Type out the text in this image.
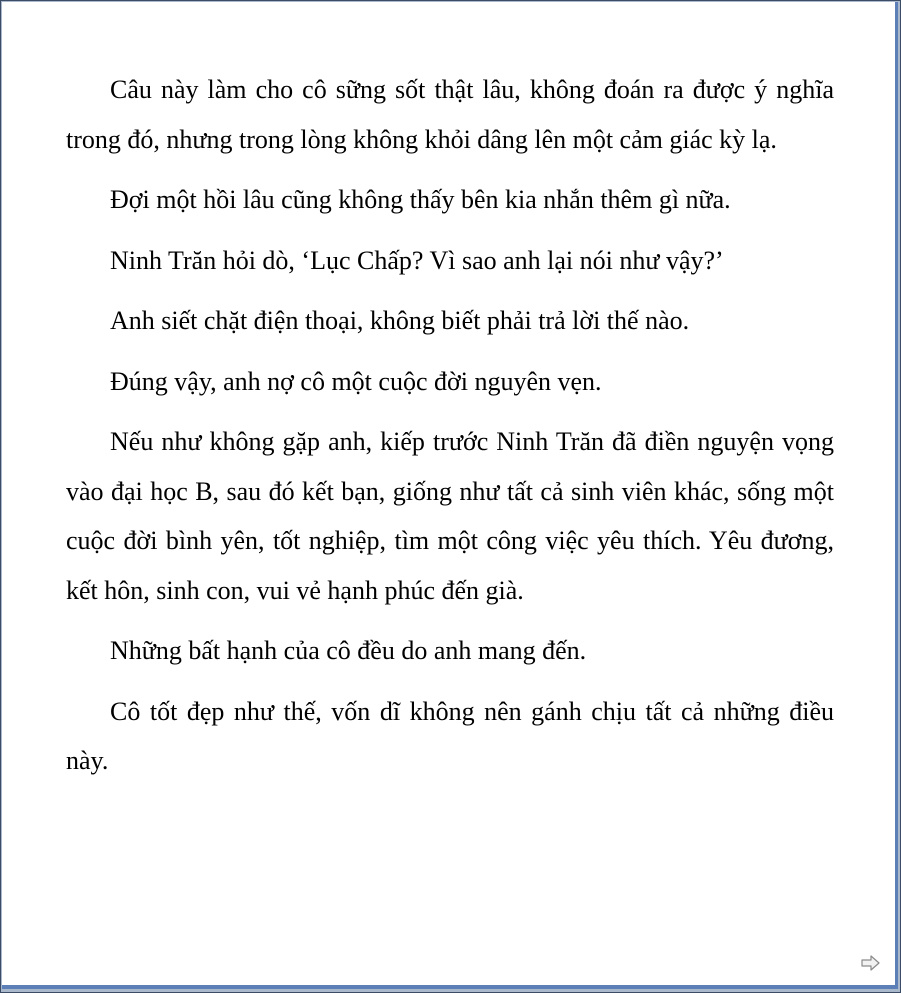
Câu này làm cho cô sững sốt thật lâu, không đoán ra được ý nghĩa trong đó, nhưng trong lòng không khỏi dâng lên một cảm giác kỳ lạ.

Đợi một hồi lâu cũng không thấy bên kia nhắn thêm gì nữa.

Ninh Trăn hỏi dò, ‘Lục Chấp? Vì sao anh lại nói như vậy?’

Anh siết chặt điện thoại, không biết phải trả lời thế nào.

Đúng vậy, anh nợ cô một cuộc đời nguyên vẹn.

Nếu như không gặp anh, kiếp trước Ninh Trăn đã điền nguyện vọng vào đại học B, sau đó kết bạn, giống như tất cả sinh viên khác, sống một cuộc đời bình yên, tốt nghiệp, tìm một công việc yêu thích. Yêu đương, kết hôn, sinh con, vui vẻ hạnh phúc đến già.

Những bất hạnh của cô đều do anh mang đến.

Cô tốt đẹp như thế, vốn dĩ không nên gánh chịu tất cả những điều này.
